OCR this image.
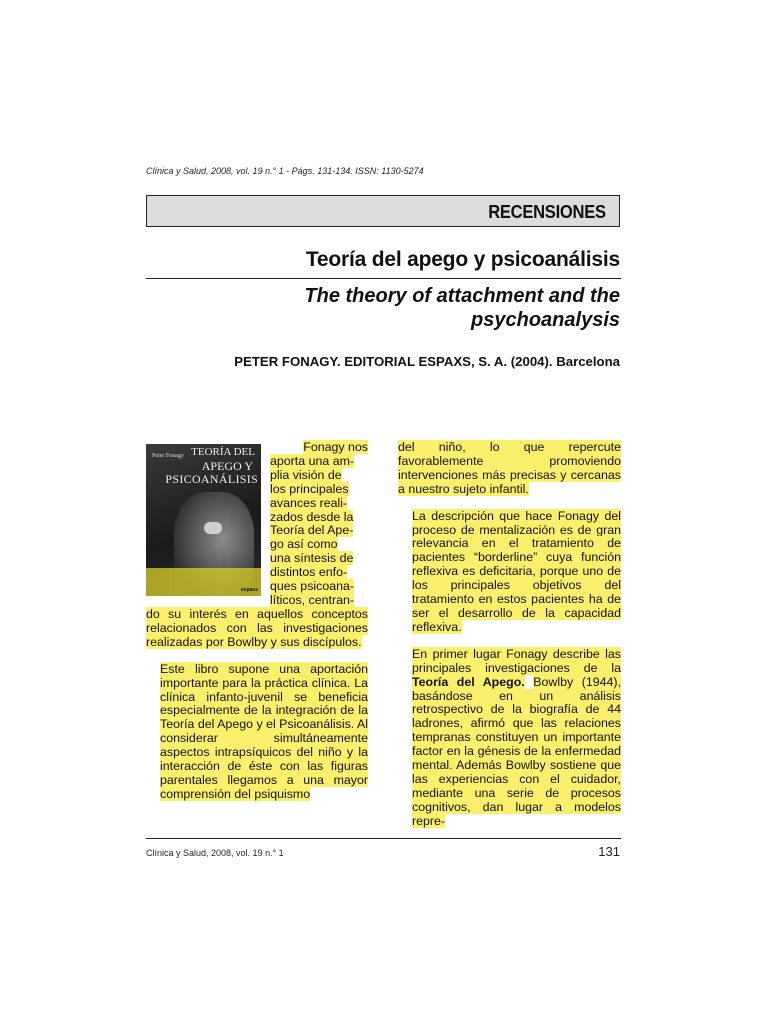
Clínica y Salud, 2008, vol. 19 n.° 1 - Págs. 131-134. ISSN: 1130-5274
RECENSIONES
Teoría del apego y psicoanálisis
The theory of attachment and the
psychoanalysis
PETER FONAGY. EDITORIAL ESPAXS, S. A. (2004). Barcelona
Peter Fonagy TEORÍA DEL
APEGO Y
PSICOANÁLISIS
espaxs

Fonagy nos

aporta una am-

plia visión de

los principales

avances reali-

zados desde la

Teoría del Ape-

go así como

una síntesis de

distintos enfo-

ques psicoana-

líticos, centran-

do su interés en aquellos conceptos relacionados con las investigaciones realizadas por Bowlby y sus discípulos.

Este libro supone una aportación importante para la práctica clínica. La clínica infanto-juvenil se beneficia especialmente de la integración de la Teoría del Apego y el Psicoanálisis. Al considerar simultáneamente aspectos intrapsíquicos del niño y la interacción de éste con las figuras parentales llegamos a una mayor comprensión del psiquismo

del niño, lo que repercute favorablemente promoviendo intervenciones más precisas y cercanas a nuestro sujeto infantil.

La descripción que hace Fonagy del proceso de mentalización es de gran relevancia en el tratamiento de pacientes “borderline” cuya función reflexiva es deficitaria, porque uno de los principales objetivos del tratamiento en estos pacientes ha de ser el desarrollo de la capacidad reflexiva.

En primer lugar Fonagy describe las principales investigaciones de la Teoría del Apego. Bowlby (1944), basándose en un análisis retrospectivo de la biografía de 44 ladrones, afirmó que las relaciones tempranas constituyen un importante factor en la génesis de la enfermedad mental. Además Bowlby sostiene que las experiencias con el cuidador, mediante una serie de procesos cognitivos, dan lugar a modelos repre-

Clínica y Salud, 2008, vol. 19 n.° 1	131
